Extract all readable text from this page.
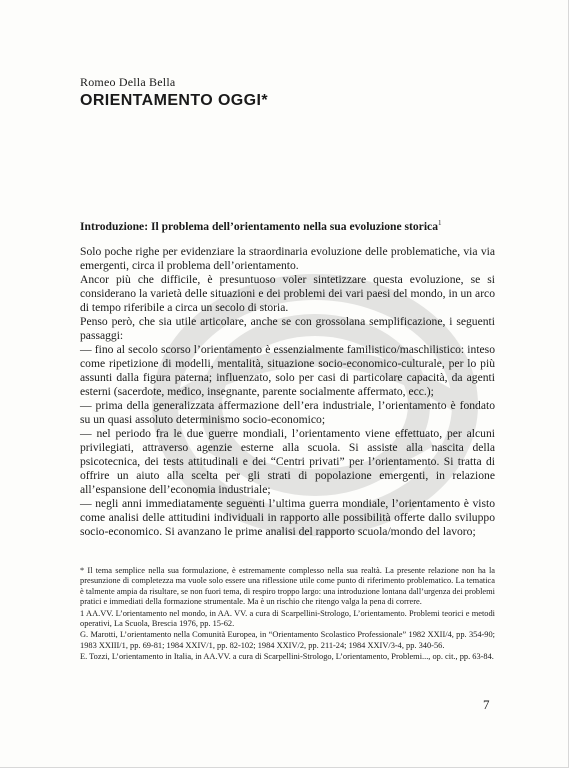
Romeo Della Bella
ORIENTAMENTO OGGI*
Introduzione: Il problema dell’orientamento nella sua evoluzione storica$^1$

Solo poche righe per evidenziare la straordinaria evoluzione delle problematiche, via via emergenti, circa il problema dell’orientamento.

Ancor più che difficile, è presuntuoso voler sintetizzare questa evoluzione, se si considerano la varietà delle situazioni e dei problemi dei vari paesi del mondo, in un arco di tempo riferibile a circa un secolo di storia.

Penso però, che sia utile articolare, anche se con grossolana semplificazione, i seguenti passaggi:

— fino al secolo scorso l’orientamento è essenzialmente familistico/maschilistico: inteso come ripetizione di modelli, mentalità, situazione socio-economico-culturale, per lo più assunti dalla figura paterna; influenzato, solo per casi di particolare capacità, da agenti esterni (sacerdote, medico, insegnante, parente socialmente affermato, ecc.);

— prima della generalizzata affermazione dell’era industriale, l’orientamento è fondato su un quasi assoluto determinismo socio-economico;

— nel periodo fra le due guerre mondiali, l’orientamento viene effettuato, per alcuni privilegiati, attraverso agenzie esterne alla scuola. Si assiste alla nascita della psicotecnica, dei tests attitudinali e dei “Centri privati” per l’orientamento. Si tratta di offrire un aiuto alla scelta per gli strati di popolazione emergenti, in relazione all’espansione dell’economia industriale;

— negli anni immediatamente seguenti l’ultima guerra mondiale, l’orientamento è visto come analisi delle attitudini individuali in rapporto alle possibilità offerte dallo sviluppo socio-economico. Si avanzano le prime analisi del rapporto scuola/mondo del lavoro;

* Il tema semplice nella sua formulazione, è estremamente complesso nella sua realtà. La presente relazione non ha la presunzione di completezza ma vuole solo essere una riflessione utile come punto di riferimento problematico. La tematica è talmente ampia da risultare, se non fuori tema, di respiro troppo largo: una introduzione lontana dall’urgenza dei problemi pratici e immediati della formazione strumentale. Ma è un rischio che ritengo valga la pena di correre.

1 AA.VV. L’orientamento nel mondo, in AA. VV. a cura di Scarpellini-Strologo, L’orientamento. Problemi teorici e metodi operativi, La Scuola, Brescia 1976, pp. 15-62.

G. Marotti, L’orientamento nella Comunità Europea, in “Orientamento Scolastico Professionale” 1982 XXII/4, pp. 354-90; 1983 XXIII/1, pp. 69-81; 1984 XXIV/1, pp. 82-102; 1984 XXIV/2, pp. 211-24; 1984 XXIV/3-4, pp. 340-56.

E. Tozzi, L’orientamento in Italia, in AA.VV. a cura di Scarpellini-Strologo, L’orientamento, Problemi..., op. cit., pp. 63-84.

7
